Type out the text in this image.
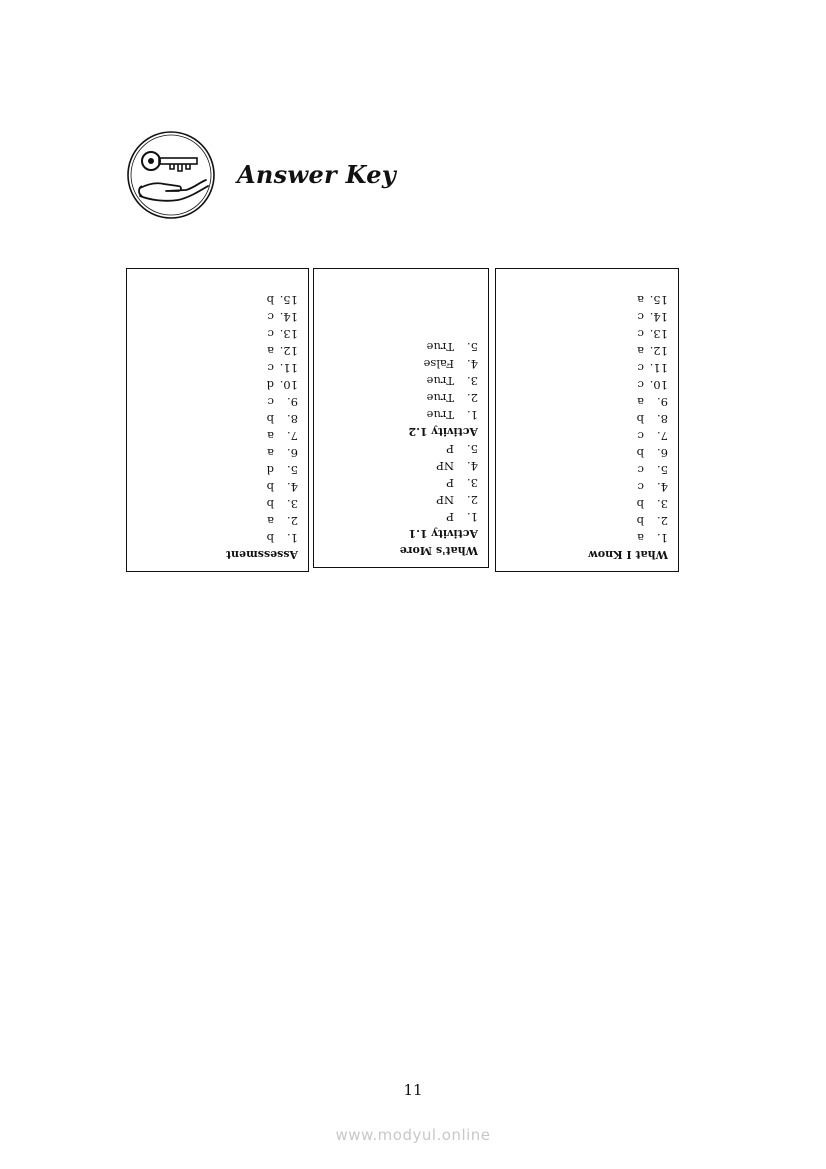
Answer Key
Assessment
1.
b
2.
a
3.
b
4.
b
5.
d
6.
a
7.
a
8.
b
9.
c
10.
d
11.
c
12.
a
13.
c
14.
c
15.
b
What's More
Activity 1.1
1.
P
2.
NP
3.
P
4.
NP
5.
P
Activity 1.2
1.
True
2.
True
3.
True
4.
False
5.
True
What I Know
1.
a
2.
b
3.
b
4.
c
5.
c
6.
b
7.
c
8.
b
9.
a
10.
c
11.
c
12.
a
13.
c
14.
c
15.
a
11
www.modyul.online
